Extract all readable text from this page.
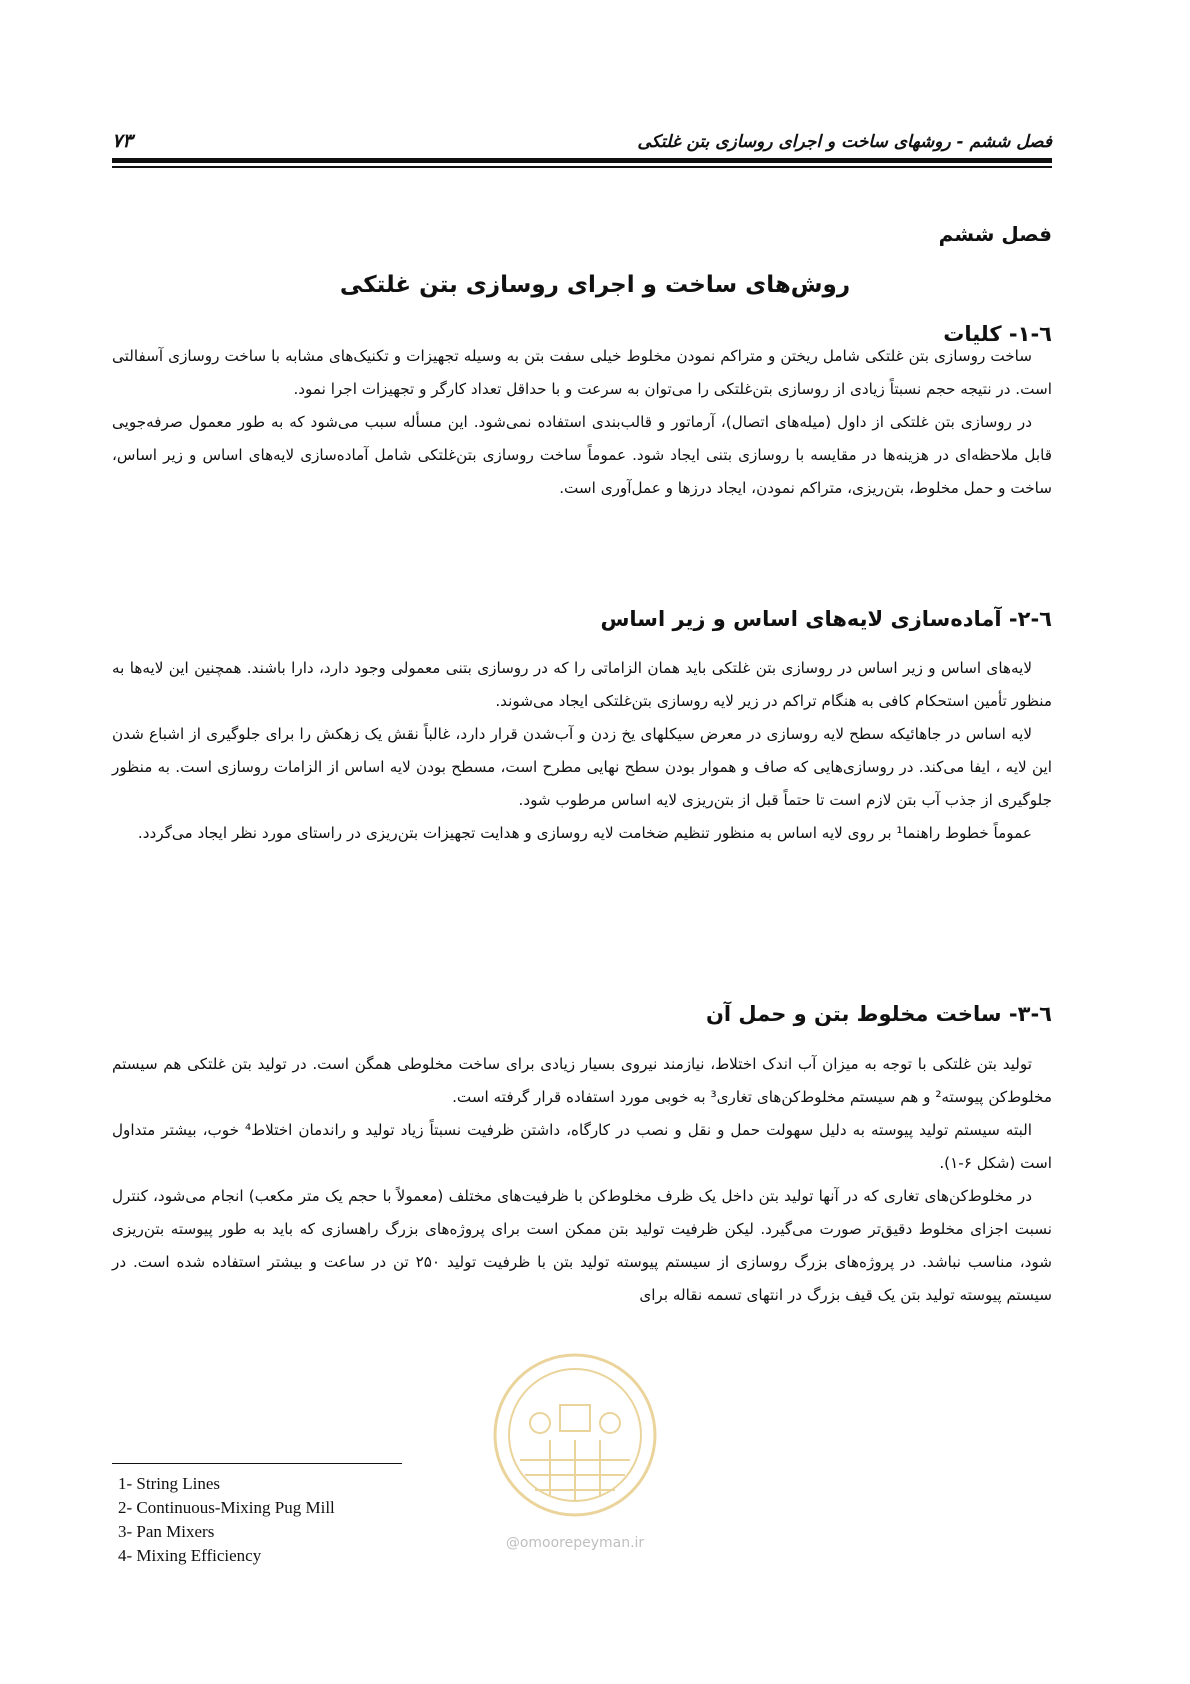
۷۳	فصل ششم - روشهای ساخت و اجرای روسازی بتن غلتکی
فصل ششم
روش‌های ساخت و اجرای روسازی بتن غلتکی
٦-١- کلیات

ساخت روسازی بتن غلتکی شامل ریختن و متراکم نمودن مخلوط خیلی سفت بتن به وسیله تجهیزات و تکنیک‌های مشابه با ساخت روسازی آسفالتی است. در نتیجه حجم نسبتاً زیادی از روسازی بتن‌غلتکی را می‌توان به سرعت و با حداقل تعداد کارگر و تجهیزات اجرا نمود.

در روسازی بتن غلتکی از داول (میله‌های اتصال)، آرماتور و قالب‌بندی استفاده نمی‌شود. این مسأله سبب می‌شود که به طور معمول صرفه‌جویی قابل ملاحظه‌ای در هزینه‌ها در مقایسه با روسازی بتنی ایجاد شود. عموماً ساخت روسازی بتن‌غلتکی شامل آماده‌سازی لایه‌های اساس و زیر اساس، ساخت و حمل مخلوط، بتن‌ریزی، متراکم نمودن، ایجاد درزها و عمل‌آوری است.

٦-٢- آماده‌سازی لایه‌های اساس و زیر اساس

لایه‌های اساس و زیر اساس در روسازی بتن غلتکی باید همان الزاماتی را که در روسازی بتنی معمولی وجود دارد، دارا باشند. همچنین این لایه‌ها به منظور تأمین استحکام کافی به هنگام تراکم در زیر لایه روسازی بتن‌غلتکی ایجاد می‌شوند.

لایه اساس در جاهائیکه سطح لایه روسازی در معرض سیکلهای یخ زدن و آب‌شدن قرار دارد، غالباً نقش یک زهکش را برای جلوگیری از اشباع شدن این لایه ، ایفا می‌کند. در روسازی‌هایی که صاف و هموار بودن سطح نهایی مطرح است، مسطح بودن لایه اساس از الزامات روسازی است. به منظور جلوگیری از جذب آب بتن لازم است تا حتماً قبل از بتن‌ریزی لایه اساس مرطوب شود.

عموماً خطوط راهنما¹ بر روی لایه اساس به منظور تنظیم ضخامت لایه روسازی و هدایت تجهیزات بتن‌ریزی در راستای مورد نظر ایجاد می‌گردد.

٦-٣- ساخت مخلوط بتن و حمل آن

تولید بتن غلتکی با توجه به میزان آب اندک اختلاط، نیازمند نیروی بسیار زیادی برای ساخت مخلوطی همگن است. در تولید بتن غلتکی هم سیستم مخلوط‌کن پیوسته² و هم سیستم مخلوط‌کن‌های تغاری³ به خوبی مورد استفاده قرار گرفته است.

البته سیستم تولید پیوسته به دلیل سهولت حمل و نقل و نصب در کارگاه، داشتن ظرفیت نسبتاً زیاد تولید و راندمان اختلاط⁴ خوب، بیشتر متداول است (شکل ۶-۱).

در مخلوط‌کن‌های تغاری که در آنها تولید بتن داخل یک ظرف مخلوط‌کن با ظرفیت‌های مختلف (معمولاً با حجم یک متر مکعب) انجام می‌شود، کنترل نسبت اجزای مخلوط دقیق‌تر صورت می‌گیرد. لیکن ظرفیت تولید بتن ممکن است برای پروژه‌های بزرگ راهسازی که باید به طور پیوسته بتن‌ریزی شود، مناسب نباشد. در پروژه‌های بزرگ روسازی از سیستم پیوسته تولید بتن با ظرفیت تولید ۲۵۰ تن در ساعت و بیشتر استفاده شده است. در سیستم پیوسته تولید بتن یک قیف بزرگ در انتهای تسمه نقاله برای

@omoorepeyman.ir
1- String Lines
2- Continuous-Mixing Pug Mill
3- Pan Mixers
4- Mixing Efficiency
